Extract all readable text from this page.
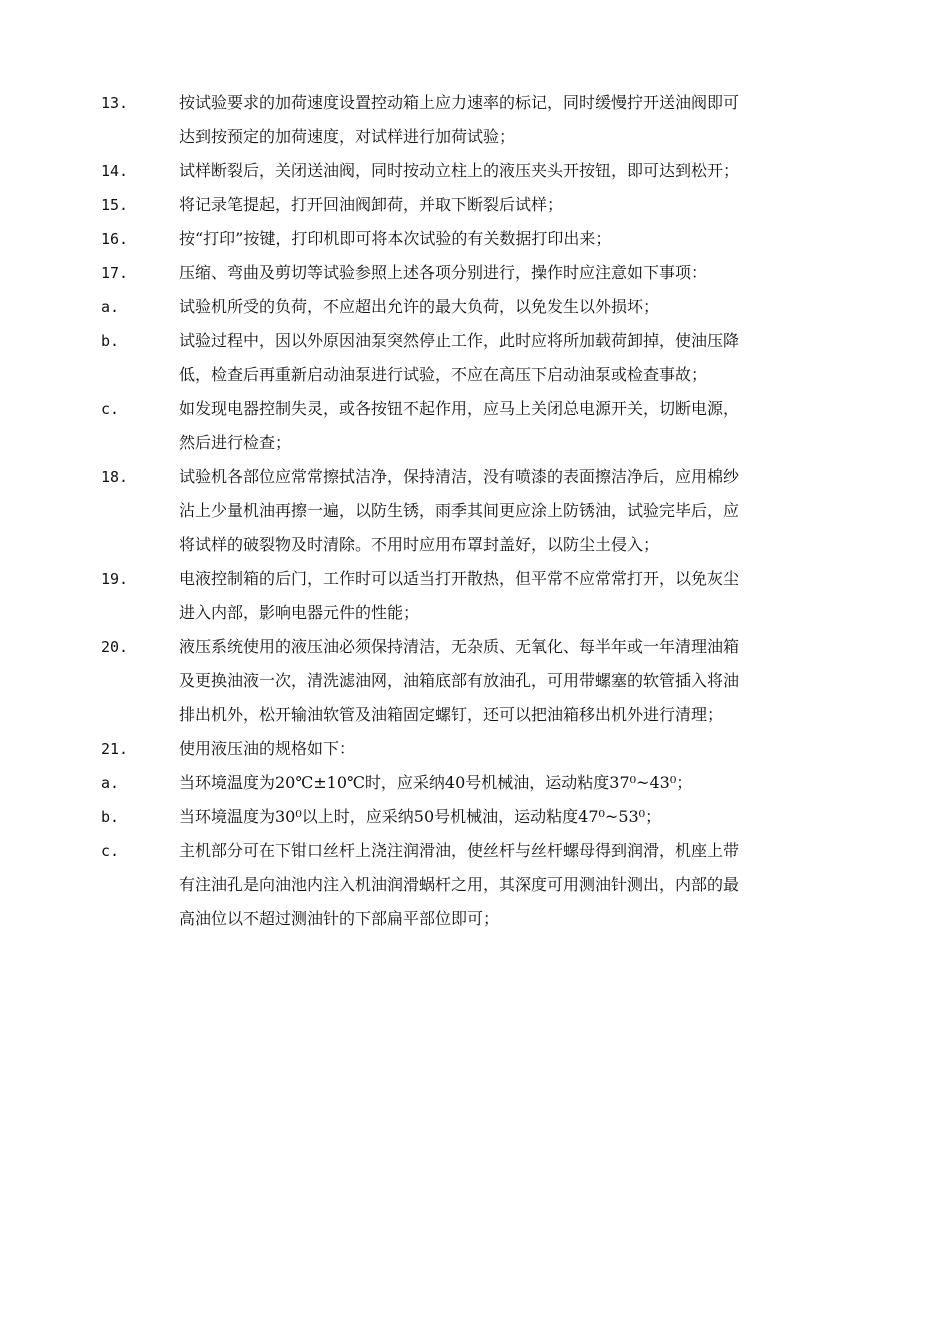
13.	按试验要求的加荷速度设置控动箱上应力速率的标记，同时缓慢拧开送油阀即可
达到按预定的加荷速度，对试样进行加荷试验；
14.	试样断裂后，关闭送油阀，同时按动立柱上的液压夹头开按钮，即可达到松开；
15.	将记录笔提起，打开回油阀卸荷，并取下断裂后试样；
16.	按“打印”按键，打印机即可将本次试验的有关数据打印出来；
17.	压缩、弯曲及剪切等试验参照上述各项分别进行，操作时应注意如下事项：
a.	试验机所受的负荷，不应超出允许的最大负荷，以免发生以外损坏；
b.	试验过程中，因以外原因油泵突然停止工作，此时应将所加载荷卸掉，使油压降
低，检查后再重新启动油泵进行试验，不应在高压下启动油泵或检查事故；
c.	如发现电器控制失灵，或各按钮不起作用，应马上关闭总电源开关，切断电源，
然后进行检查；
18.	试验机各部位应常常擦拭洁净，保持清洁，没有喷漆的表面擦洁净后，应用棉纱
沾上少量机油再擦一遍，以防生锈，雨季其间更应涂上防锈油，试验完毕后，应
将试样的破裂物及时清除。不用时应用布罩封盖好，以防尘土侵入；
19.	电液控制箱的后门，工作时可以适当打开散热，但平常不应常常打开，以免灰尘
进入内部，影响电器元件的性能；
20.	液压系统使用的液压油必须保持清洁，无杂质、无氧化、每半年或一年清理油箱
及更换油液一次，清洗滤油网，油箱底部有放油孔，可用带螺塞的软管插入将油
排出机外，松开输油软管及油箱固定螺钉，还可以把油箱移出机外进行清理；
21.	使用液压油的规格如下：
a.	当环境温度为20℃±10℃时，应采纳40号机械油，运动粘度37⁰~43⁰；
b.	当环境温度为30⁰以上时，应采纳50号机械油，运动粘度47⁰~53⁰；
c.	主机部分可在下钳口丝杆上浇注润滑油，使丝杆与丝杆螺母得到润滑，机座上带
有注油孔是向油池内注入机油润滑蜗杆之用，其深度可用测油针测出，内部的最
高油位以不超过测油针的下部扁平部位即可；
